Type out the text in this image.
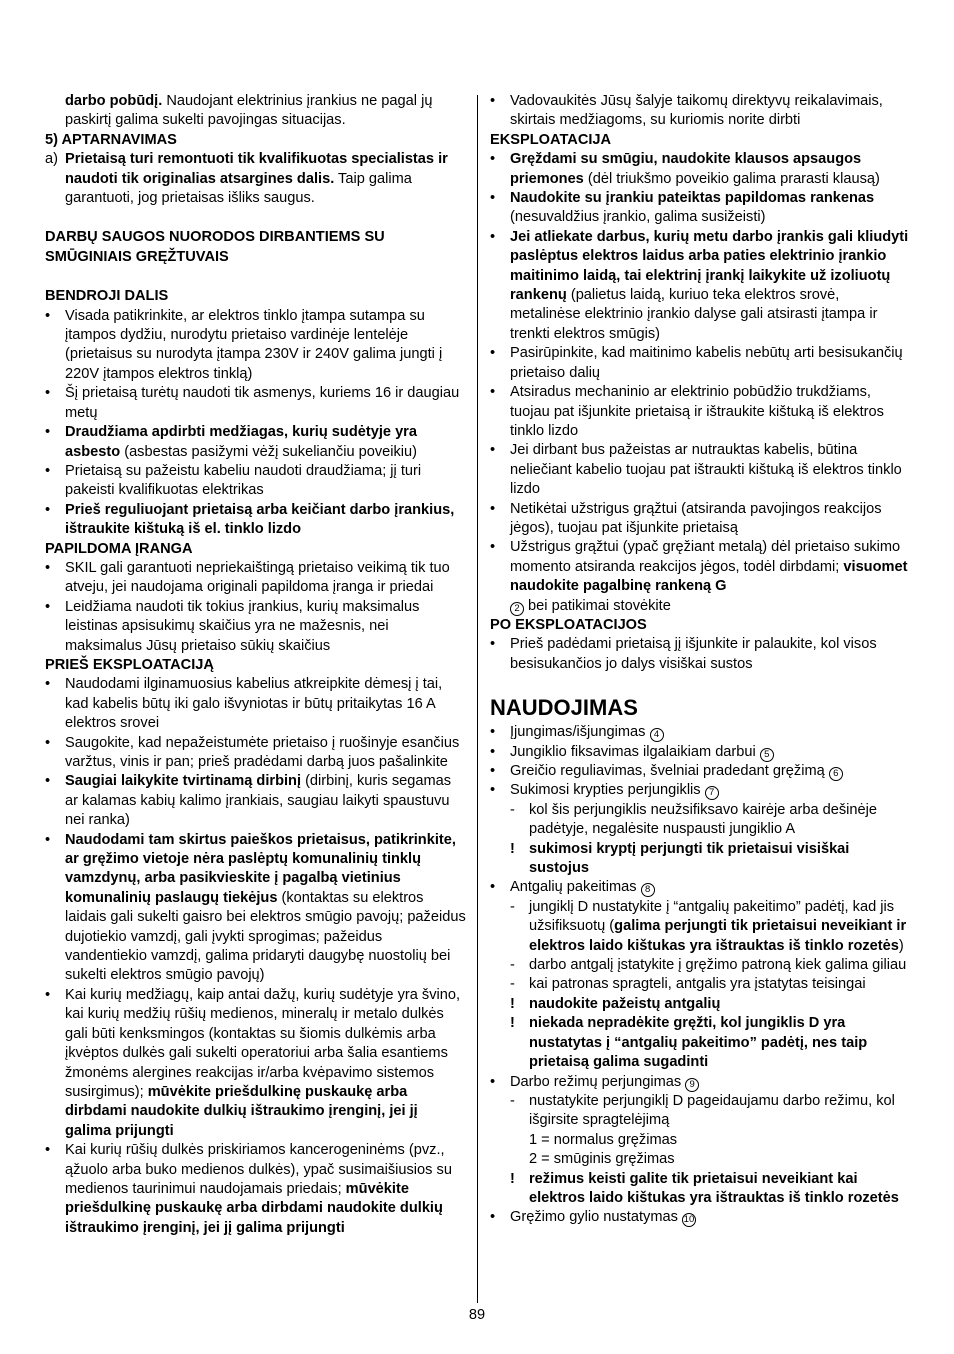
darbo pobūdį. Naudojant elektrinius įrankius ne pagal jų paskirtį galima sukelti pavojingas situacijas.

5) APTARNAVIMAS

a) Prietaisą turi remontuoti tik kvalifikuotas specialistas ir naudoti tik originalias atsargines dalis. Taip galima garantuoti, jog prietaisas išliks saugus.

DARBŲ SAUGOS NUORODOS DIRBANTIEMS SU SMŪGINIAIS GRĘŽTUVAIS

BENDROJI DALIS

•	Visada patikrinkite, ar elektros tinklo įtampa sutampa su įtampos dydžiu, nurodytu prietaiso vardinėje lentelėje (prietaisus su nurodyta įtampa 230V ir 240V galima jungti į 220V įtampos elektros tinklą)

•	Šį prietaisą turėtų naudoti tik asmenys, kuriems 16 ir daugiau metų

•	Draudžiama apdirbti medžiagas, kurių sudėtyje yra asbesto (asbestas pasižymi vėžį sukeliančiu poveikiu)

•	Prietaisą su pažeistu kabeliu naudoti draudžiama; jį turi pakeisti kvalifikuotas elektrikas

•	Prieš reguliuojant prietaisą arba keičiant darbo įrankius, ištraukite kištuką iš el. tinklo lizdo

PAPILDOMA ĮRANGA

•	SKIL gali garantuoti nepriekaištingą prietaiso veikimą tik tuo atveju, jei naudojama originali papildoma įranga ir priedai

•	Leidžiama naudoti tik tokius įrankius, kurių maksimalus leistinas apsisukimų skaičius yra ne mažesnis, nei maksimalus Jūsų prietaiso sūkių skaičius

PRIEŠ EKSPLOATACIJĄ

•	Naudodami ilginamuosius kabelius atkreipkite dėmesį į tai, kad kabelis būtų iki galo išvyniotas ir būtų pritaikytas 16 A elektros srovei

•	Saugokite, kad nepažeistumėte prietaiso į ruošinyje esančius varžtus, vinis ir pan; prieš pradėdami darbą juos pašalinkite

•	Saugiai laikykite tvirtinamą dirbinį (dirbinį, kuris segamas ar kalamas kabių kalimo įrankiais, saugiau laikyti spaustuvu nei ranka)

•	Naudodami tam skirtus paieškos prietaisus, patikrinkite, ar gręžimo vietoje nėra paslėptų komunalinių tinklų vamzdynų, arba pasikvieskite į pagalbą vietinius komunalinių paslaugų tiekėjus (kontaktas su elektros laidais gali sukelti gaisro bei elektros smūgio pavojų; pažeidus dujotiekio vamzdį, gali įvykti sprogimas; pažeidus vandentiekio vamzdį, galima pridaryti daugybę nuostolių bei sukelti elektros smūgio pavojų)

•	Kai kurių medžiagų, kaip antai dažų, kurių sudėtyje yra švino, kai kurių medžių rūšių medienos, mineralų ir metalo dulkės gali būti kenksmingos (kontaktas su šiomis dulkėmis arba įkvėptos dulkės gali sukelti operatoriui arba šalia esantiems žmonėms alergines reakcijas ir/arba kvėpavimo sistemos susirgimus); mūvėkite priešdulkinę puskaukę arba dirbdami naudokite dulkių ištraukimo įrenginį, jei jį galima prijungti

•	Kai kurių rūšių dulkės priskiriamos kancerogeninėms (pvz., ąžuolo arba buko medienos dulkės), ypač susimaišiusios su medienos taurinimui naudojamais priedais; mūvėkite priešdulkinę puskaukę arba dirbdami naudokite dulkių ištraukimo įrenginį, jei jį galima prijungti

•	Vadovaukitės Jūsų šalyje taikomų direktyvų reikalavimais, skirtais medžiagoms, su kuriomis norite dirbti

EKSPLOATACIJA

•	Gręždami su smūgiu, naudokite klausos apsaugos priemones (dėl triukšmo poveikio galima prarasti klausą)

•	Naudokite su įrankiu pateiktas papildomas rankenas (nesuvaldžius įrankio, galima susižeisti)

•	Jei atliekate darbus, kurių metu darbo įrankis gali kliudyti paslėptus elektros laidus arba paties elektrinio įrankio maitinimo laidą, tai elektrinį įrankį laikykite už izoliuotų rankenų (palietus laidą, kuriuo teka elektros srovė, metalinėse elektrinio įrankio dalyse gali atsirasti įtampa ir trenkti elektros smūgis)

•	Pasirūpinkite, kad maitinimo kabelis nebūtų arti besisukančių prietaiso dalių

•	Atsiradus mechaninio ar elektrinio pobūdžio trukdžiams, tuojau pat išjunkite prietaisą ir ištraukite kištuką iš elektros tinklo lizdo

•	Jei dirbant bus pažeistas ar nutrauktas kabelis, būtina neliečiant kabelio tuojau pat ištraukti kištuką iš elektros tinklo lizdo

•	Netikėtai užstrigus grąžtui (atsiranda pavojingos reakcijos jėgos), tuojau pat išjunkite prietaisą

•	Užstrigus grąžtui (ypač gręžiant metalą) dėl prietaiso sukimo momento atsiranda reakcijos jėgos, todėl dirbdami; visuomet naudokite pagalbinę rankeną G
2 bei patikimai stovėkite

PO EKSPLOATACIJOS

•	Prieš padėdami prietaisą jį išjunkite ir palaukite, kol visos besisukančios jo dalys visiškai sustos

NAUDOJIMAS

•	Įjungimas/išjungimas 4

•	Jungiklio fiksavimas ilgalaikiam darbui 5

•	Greičio reguliavimas, švelniai pradedant gręžimą 6

•	Sukimosi krypties perjungiklis 7

- kol šis perjungiklis neužsifiksavo kairėje arba dešinėje padėtyje, negalėsite nuspausti jungiklio A

! sukimosi kryptį perjungti tik prietaisui visiškai sustojus

•	Antgalių pakeitimas 8

- jungiklį D nustatykite į “antgalių pakeitimo” padėtį, kad jis užsifiksuotų (galima perjungti tik prietaisui neveikiant ir elektros laido kištukas yra ištrauktas iš tinklo rozetės)

- darbo antgalį įstatykite į gręžimo patroną kiek galima giliau

- kai patronas spragteli, antgalis yra įstatytas teisingai

! naudokite pažeistų antgalių

! niekada nepradėkite gręžti, kol jungiklis D yra nustatytas į “antgalių pakeitimo” padėtį, nes taip prietaisą galima sugadinti

•	Darbo režimų perjungimas 9

- nustatykite perjungiklį D pageidaujamu darbo režimu, kol išgirsite spragtelėjimą
1 = normalus gręžimas
2 = smūginis gręžimas

! režimus keisti galite tik prietaisui neveikiant kai elektros laido kištukas yra ištrauktas iš tinklo rozetės

•	Gręžimo gylio nustatymas 10

89
